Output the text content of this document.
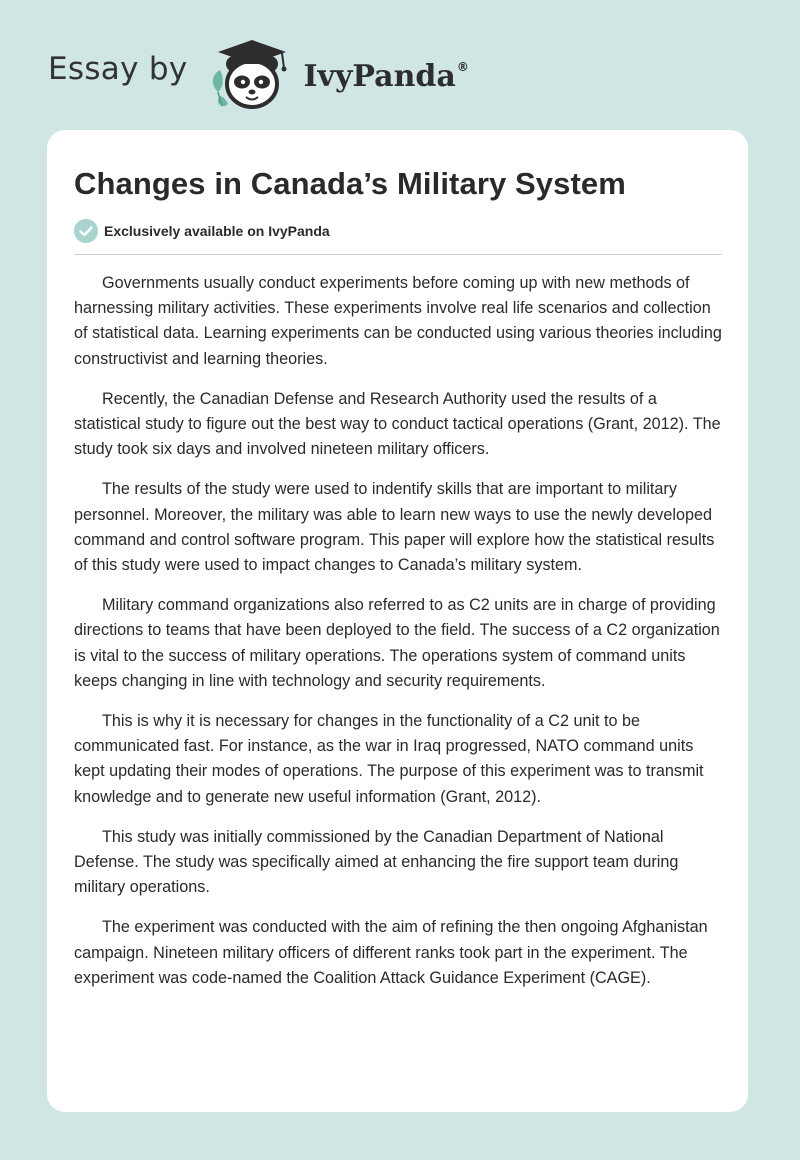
Essay by	IvyPanda®
Changes in Canada’s Military System
Exclusively available on IvyPanda

Governments usually conduct experiments before coming up with new methods of harnessing military activities. These experiments involve real life scenarios and collection of statistical data. Learning experiments can be conducted using various theories including constructivist and learning theories.

Recently, the Canadian Defense and Research Authority used the results of a statistical study to figure out the best way to conduct tactical operations (Grant, 2012). The study took six days and involved nineteen military officers.

The results of the study were used to indentify skills that are important to military personnel. Moreover, the military was able to learn new ways to use the newly developed command and control software program. This paper will explore how the statistical results of this study were used to impact changes to Canada’s military system.

Military command organizations also referred to as C2 units are in charge of providing directions to teams that have been deployed to the field. The success of a C2 organization is vital to the success of military operations. The operations system of command units keeps changing in line with technology and security requirements.

This is why it is necessary for changes in the functionality of a C2 unit to be communicated fast. For instance, as the war in Iraq progressed, NATO command units kept updating their modes of operations. The purpose of this experiment was to transmit knowledge and to generate new useful information (Grant, 2012).

This study was initially commissioned by the Canadian Department of National Defense. The study was specifically aimed at enhancing the fire support team during military operations.

The experiment was conducted with the aim of refining the then ongoing Afghanistan campaign. Nineteen military officers of different ranks took part in the experiment. The experiment was code-named the Coalition Attack Guidance Experiment (CAGE).
